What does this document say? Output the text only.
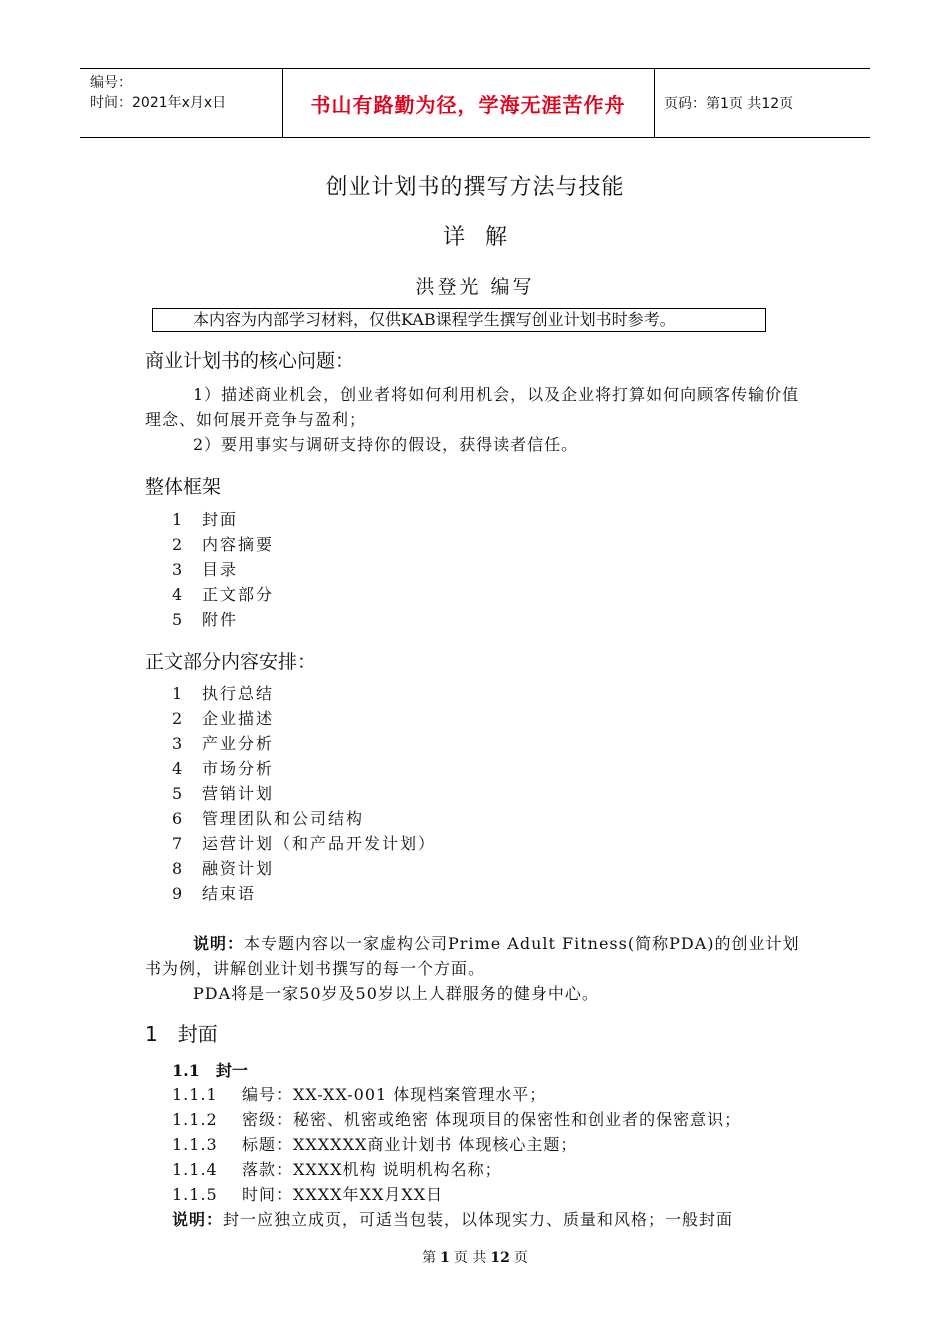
编号：
时间：2021年x月x日	书山有路勤为径，学海无涯苦作舟	页码：第1页 共12页
创业计划书的撰写方法与技能
详解
洪登光 编写
本内容为内部学习材料，仅供KAB课程学生撰写创业计划书时参考。
商业计划书的核心问题：
1）描述商业机会，创业者将如何利用机会，以及企业将打算如何向顾客传输价值理念、如何展开竞争与盈利；
2）要用事实与调研支持你的假设，获得读者信任。
整体框架
1 封面
2 内容摘要
3 目录
4 正文部分
5 附件
正文部分内容安排：
1 执行总结
2 企业描述
3 产业分析
4 市场分析
5 营销计划
6 管理团队和公司结构
7 运营计划（和产品开发计划）
8 融资计划
9 结束语
说明：本专题内容以一家虚构公司Prime Adult Fitness(简称PDA)的创业计划书为例，讲解创业计划书撰写的每一个方面。
PDA将是一家50岁及50岁以上人群服务的健身中心。
1 封面
1.1 封一
1.1.1 编号：XX-XX-001 体现档案管理水平；
1.1.2 密级：秘密、机密或绝密 体现项目的保密性和创业者的保密意识；
1.1.3 标题：XXXXXX商业计划书 体现核心主题；
1.1.4 落款：XXXX机构 说明机构名称；
1.1.5 时间：XXXX年XX月XX日
说明：封一应独立成页，可适当包装，以体现实力、质量和风格；一般封面
第 1 页 共 12 页
